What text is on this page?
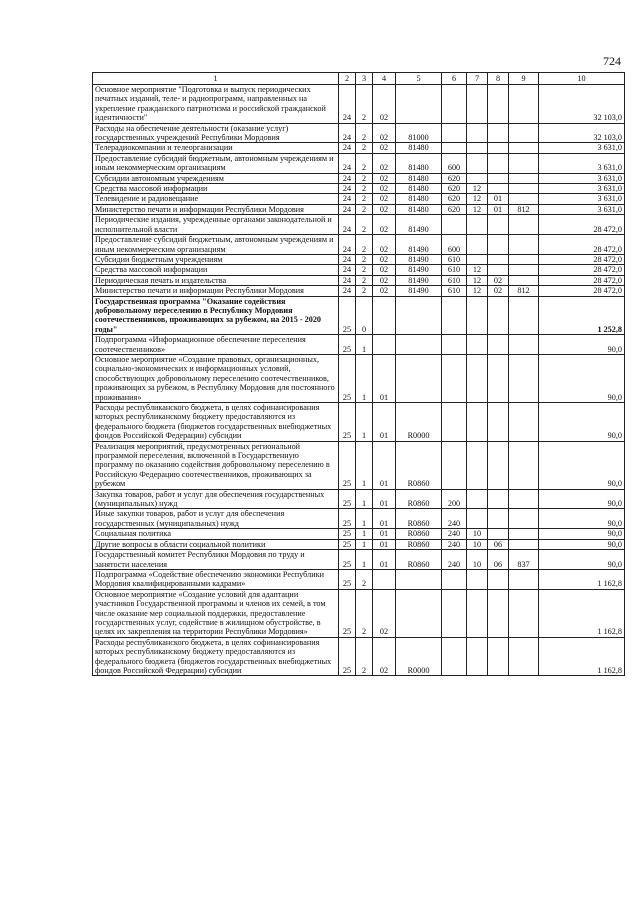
724
1	2	3	4	5	6	7	8	9	10
Основное мероприятие "Подготовка и выпуск периодических печатных изданий, теле- и радиопрограмм, направленных на укрепление гражданского патриотизма и российской гражданской идентичности"	24	2	02						32 103,0
Расходы на обеспечение деятельности (оказание услуг) государственных учреждений Республики Мордовия	24	2	02	81000					32 103,0
Телерадиокомпании и телеорганизации	24	2	02	81480					3 631,0
Предоставление субсидий бюджетным, автономным учреждениям и иным некоммерческим организациям	24	2	02	81480	600				3 631,0
Субсидии автономным учреждениям	24	2	02	81480	620				3 631,0
Средства массовой информации	24	2	02	81480	620	12			3 631,0
Телевидение и радиовещание	24	2	02	81480	620	12	01		3 631,0
Министерство печати и информации Республики Мордовия	24	2	02	81480	620	12	01	812	3 631,0
Периодические издания, учрежденные органами законодательной и исполнительной власти	24	2	02	81490					28 472,0
Предоставление субсидий бюджетным, автономным учреждениям и иным некоммерческим организациям	24	2	02	81490	600				28 472,0
Субсидии бюджетным учреждениям	24	2	02	81490	610				28 472,0
Средства массовой информации	24	2	02	81490	610	12			28 472,0
Периодическая печать и издательства	24	2	02	81490	610	12	02		28 472,0
Министерство печати и информации Республики Мордовия	24	2	02	81490	610	12	02	812	28 472,0
Государственная программа "Оказание содействия добровольному переселению в Республику Мордовия соотечественников, проживающих за рубежом, на 2015 - 2020 годы"	25	0							1 252,8
Подпрограмма «Информационное обеспечение переселения соотечественников»	25	1							90,0
Основное мероприятие «Создание правовых, организационных, социально-экономических и информационных условий, способствующих добровольному переселению соотечественников, проживающих за рубежом, в Республику Мордовия для постоянного проживания»	25	1	01						90,0
Расходы республиканского бюджета, в целях софинансирования которых республиканскому бюджету предоставляются из федерального бюджета (бюджетов государственных внебюджетных фондов Российской Федерации) субсидии	25	1	01	R0000					90,0
Реализация мероприятий, предусмотренных региональной программой переселения, включенной в Государственную программу по оказанию содействия добровольному переселению в Российскую Федерацию соотечественников, проживающих за рубежом	25	1	01	R0860					90,0
Закупка товаров, работ и услуг для обеспечения государственных (муниципальных) нужд	25	1	01	R0860	200				90,0
Иные закупки товаров, работ и услуг для обеспечения государственных (муниципальных) нужд	25	1	01	R0860	240				90,0
Социальная политика	25	1	01	R0860	240	10			90,0
Другие вопросы в области социальной политики	25	1	01	R0860	240	10	06		90,0
Государственный комитет Республики Мордовия по труду и занятости населения	25	1	01	R0860	240	10	06	837	90,0
Подпрограмма «Содействие обеспечению экономики Республики Мордовия квалифицированными кадрами»	25	2							1 162,8
Основное мероприятие «Создание условий для адаптации участников Государственной программы и членов их семей, в том числе оказание мер социальной поддержки, предоставление государственных услуг, содействие в жилищном обустройстве, в целях их закрепления на территории Республики Мордовия»	25	2	02						1 162,8
Расходы республиканского бюджета, в целях софинансирования которых республиканскому бюджету предоставляются из федерального бюджета (бюджетов государственных внебюджетных фондов Российской Федерации) субсидии	25	2	02	R0000					1 162,8
